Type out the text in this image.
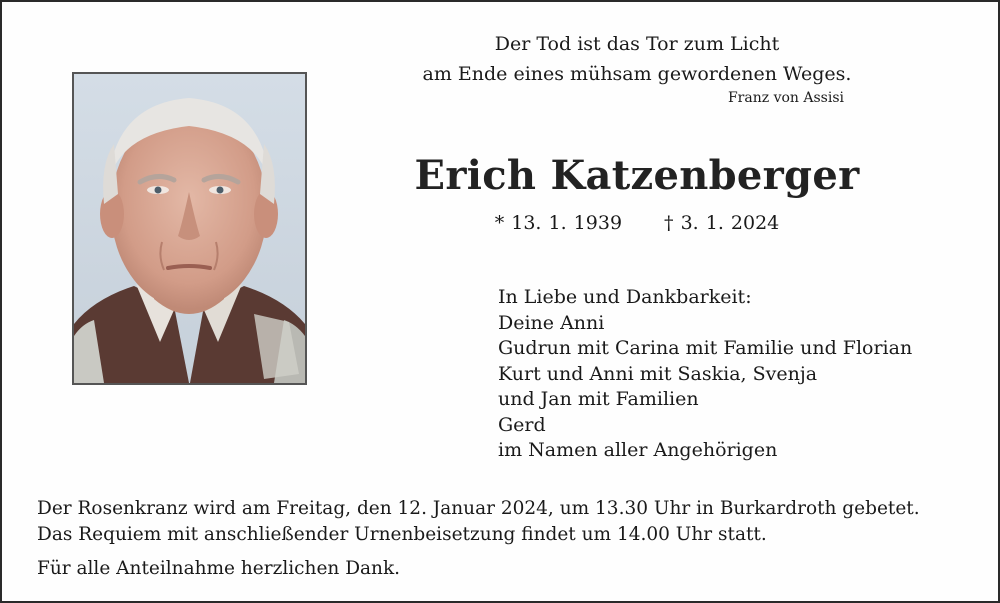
Der Tod ist das Tor zum Licht

am Ende eines mühsam gewordenen Weges.

Franz von Assisi

Erich Katzenberger

* 13. 1. 1939 † 3. 1. 2024

In Liebe und Dankbarkeit:
Deine Anni
Gudrun mit Carina mit Familie und Florian
Kurt und Anni mit Saskia, Svenja
und Jan mit Familien
Gerd
im Namen aller Angehörigen

Der Rosenkranz wird am Freitag, den 12. Januar 2024, um 13.30 Uhr in Burkardroth gebetet.

Das Requiem mit anschließender Urnenbeisetzung findet um 14.00 Uhr statt.

Für alle Anteilnahme herzlichen Dank.
